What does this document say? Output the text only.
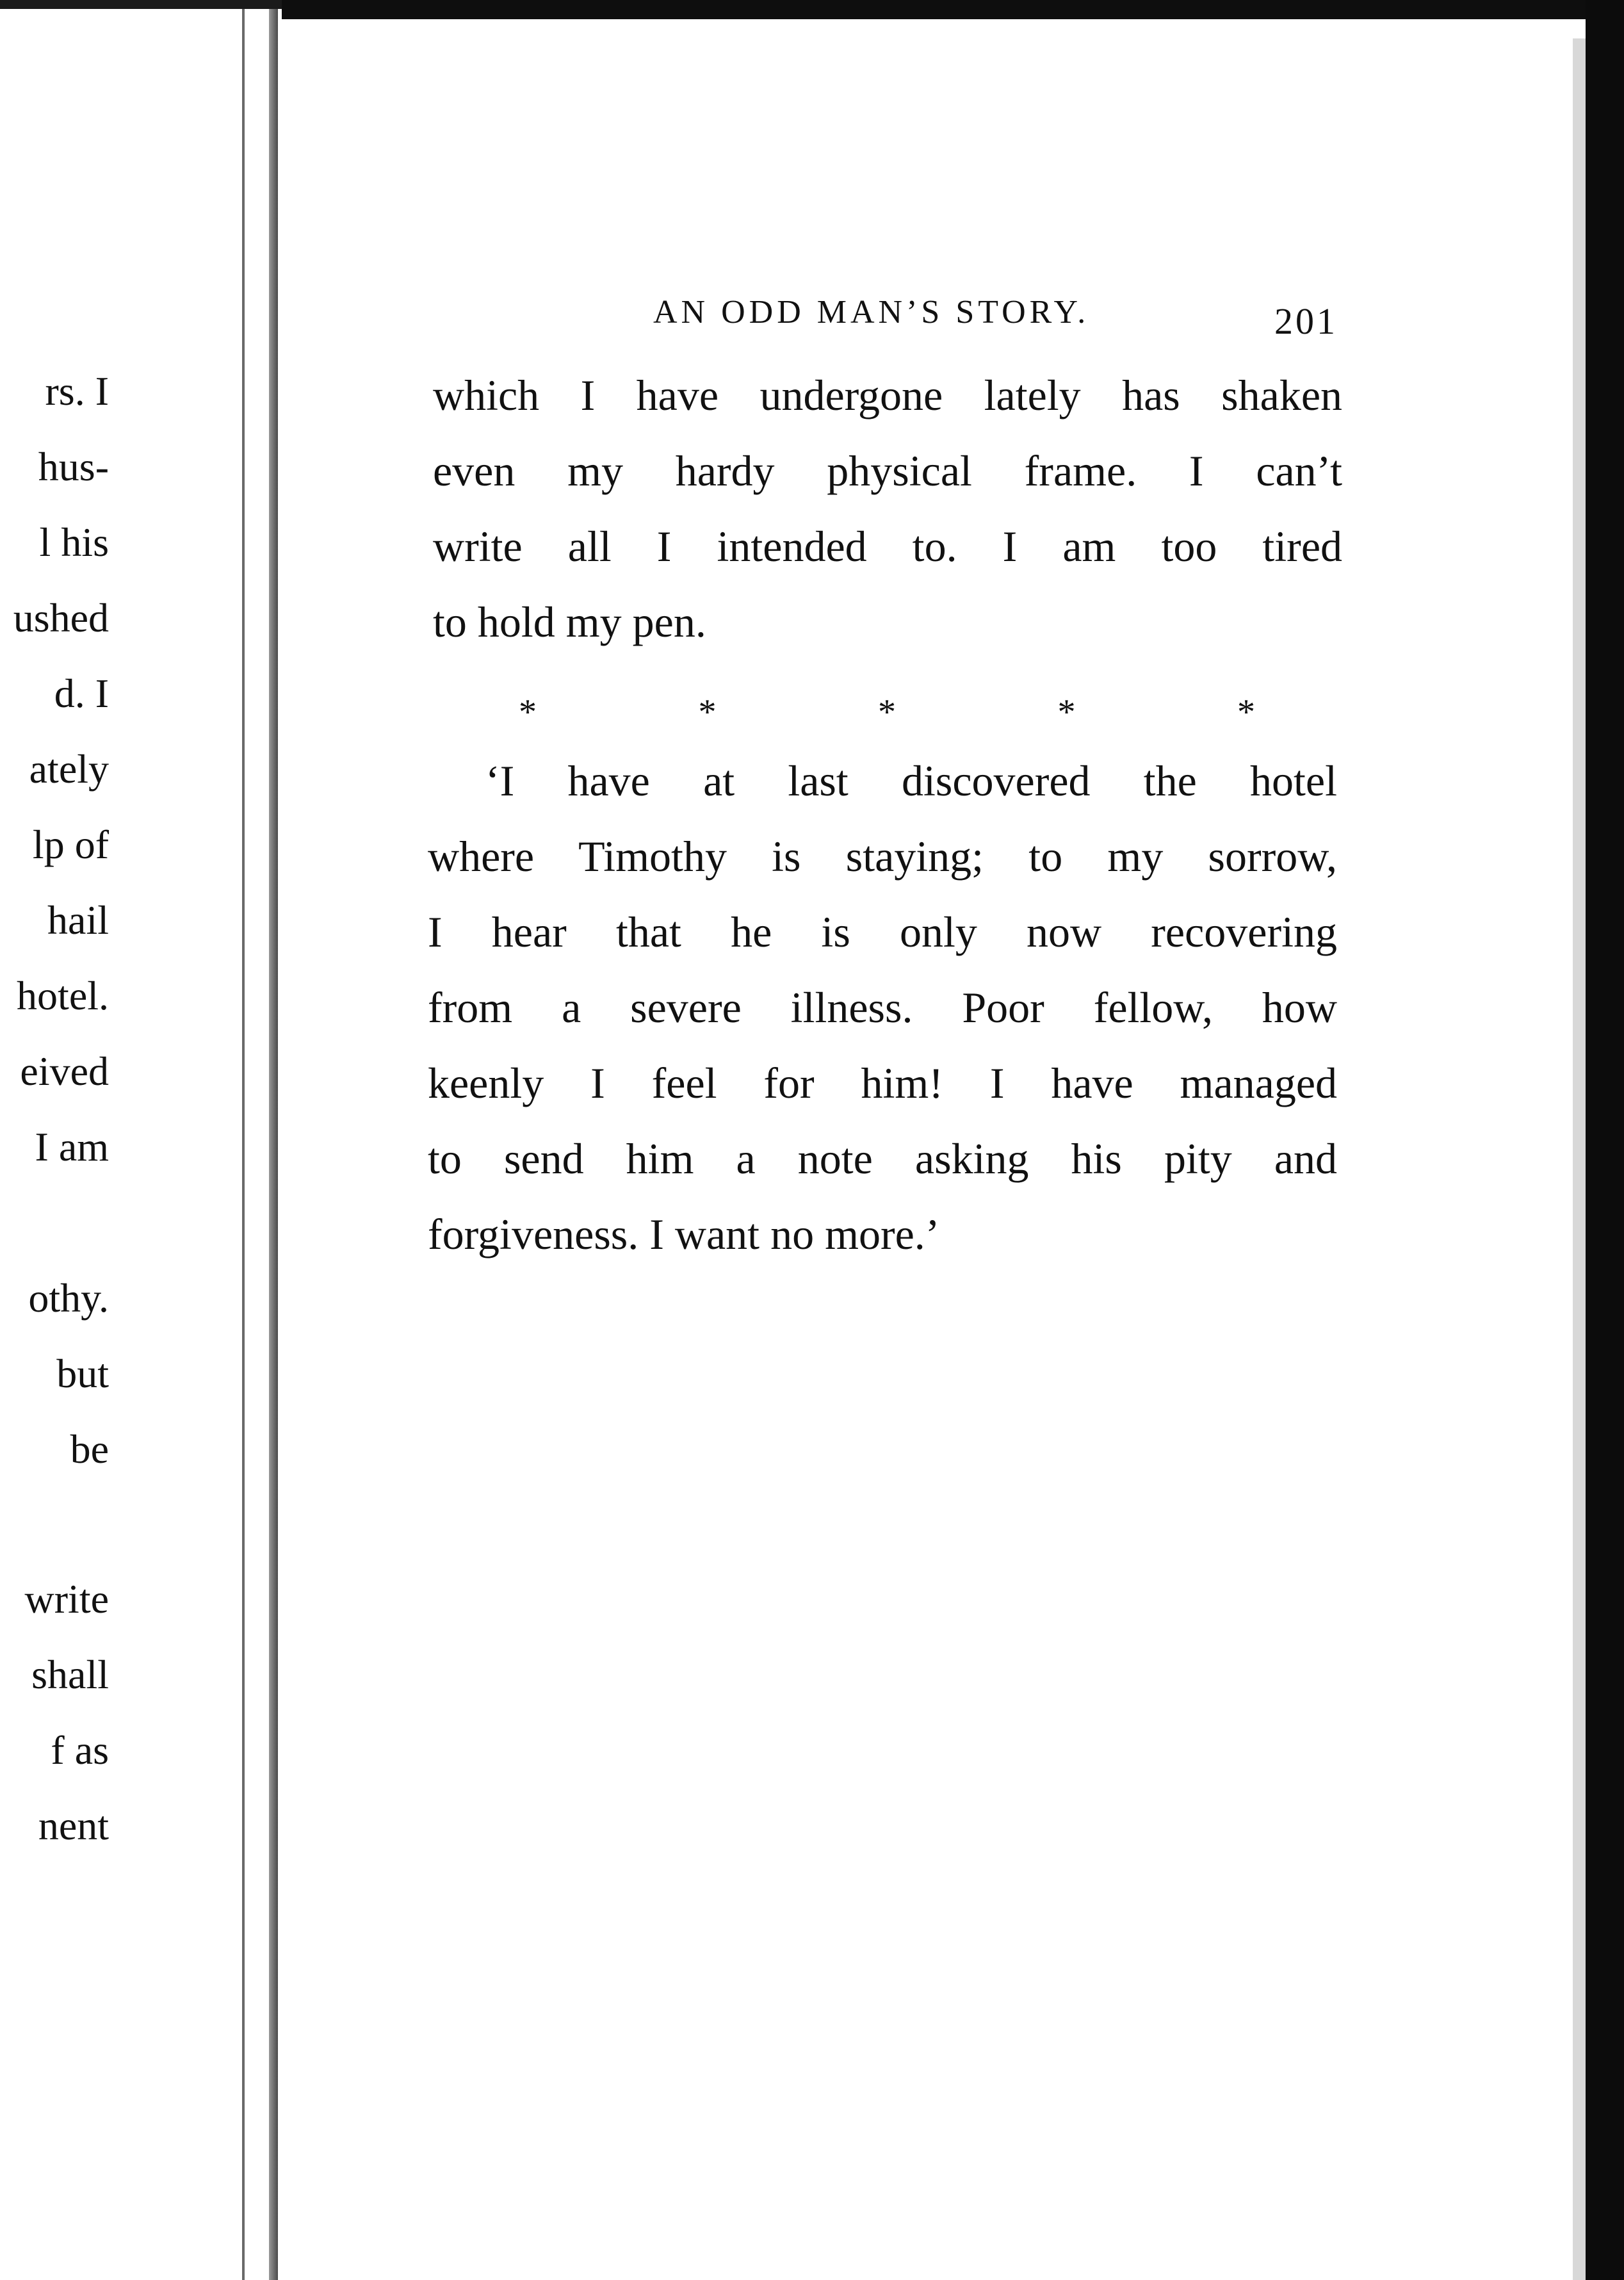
rs. I
hus-
l his
ushed
d. I
ately
lp of
hail
hotel.
eived
I am
othy.
but
be
write
shall
f as
nent
AN ODD MAN’S STORY.	201
which I have undergone lately has shaken
even my hardy physical frame. I can’t
write all I intended to. I am too tired
to hold my pen.
*	*	*	*	*
‘I have at last discovered the hotel
where Timothy is staying; to my sorrow,
I hear that he is only now recovering
from a severe illness. Poor fellow, how
keenly I feel for him! I have managed
to send him a note asking his pity and
forgiveness. I want no more.’
